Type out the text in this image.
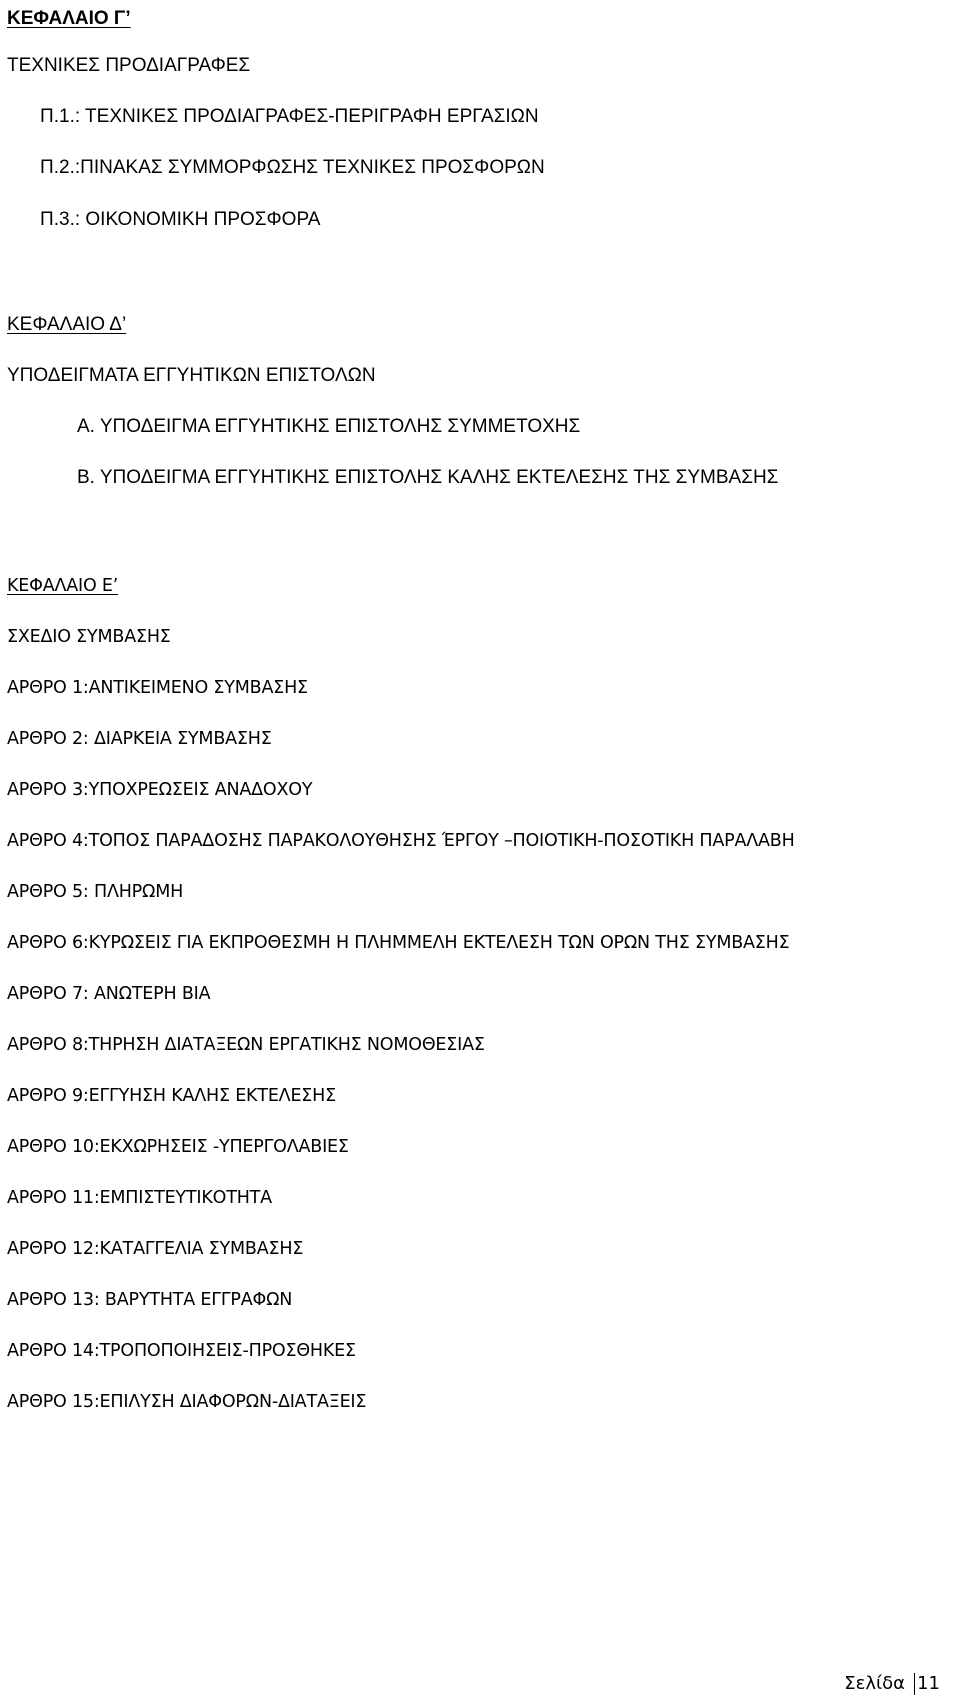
ΚΕΦΑΛΑΙΟ Γ’
ΤΕΧΝΙΚΕΣ ΠΡΟΔΙΑΓΡΑΦΕΣ
Π.1.: ΤΕΧΝΙΚΕΣ ΠΡΟΔΙΑΓΡΑΦΕΣ-ΠΕΡΙΓΡΑΦΗ ΕΡΓΑΣΙΩΝ
Π.2.:ΠΙΝΑΚΑΣ ΣΥΜΜΟΡΦΩΣΗΣ ΤΕΧΝΙΚΕΣ ΠΡΟΣΦΟΡΩΝ
Π.3.: ΟΙΚΟΝΟΜΙΚΗ ΠΡΟΣΦΟΡΑ
ΚΕΦΑΛΑΙΟ Δ’
ΥΠΟΔΕΙΓΜΑΤΑ ΕΓΓΥΗΤΙΚΩΝ ΕΠΙΣΤΟΛΩΝ
Α. ΥΠΟΔΕΙΓΜΑ ΕΓΓΥΗΤΙΚΗΣ ΕΠΙΣΤΟΛΗΣ ΣΥΜΜΕΤΟΧΗΣ
Β. ΥΠΟΔΕΙΓΜΑ ΕΓΓΥΗΤΙΚΗΣ ΕΠΙΣΤΟΛΗΣ ΚΑΛΗΣ ΕΚΤΕΛΕΣΗΣ ΤΗΣ ΣΥΜΒΑΣΗΣ
ΚΕΦΑΛΑΙΟ Ε’
ΣΧΕΔΙΟ ΣΥΜΒΑΣΗΣ
ΑΡΘΡΟ 1:ΑΝΤΙΚΕΙΜΕΝΟ ΣΥΜΒΑΣΗΣ
ΑΡΘΡΟ 2: ΔΙΑΡΚΕΙΑ ΣΥΜΒΑΣΗΣ
ΑΡΘΡΟ 3:ΥΠΟΧΡΕΩΣΕΙΣ ΑΝΑΔΟΧΟΥ
ΑΡΘΡΟ 4:ΤΟΠΟΣ ΠΑΡΑΔΟΣΗΣ ΠΑΡΑΚΟΛΟΥΘΗΣΗΣ ΈΡΓΟΥ –ΠΟΙΟΤΙΚΗ-ΠΟΣΟΤΙΚΗ ΠΑΡΑΛΑΒΗ
ΑΡΘΡΟ 5: ΠΛΗΡΩΜΗ
ΑΡΘΡΟ 6:ΚΥΡΩΣΕΙΣ ΓΙΑ ΕΚΠΡΟΘΕΣΜΗ Η ΠΛΗΜΜΕΛΗ ΕΚΤΕΛΕΣΗ ΤΩΝ ΟΡΩΝ ΤΗΣ ΣΥΜΒΑΣΗΣ
ΑΡΘΡΟ 7: ΑΝΩΤΕΡΗ ΒΙΑ
ΑΡΘΡΟ 8:ΤΗΡΗΣΗ ΔΙΑΤΑΞΕΩΝ ΕΡΓΑΤΙΚΗΣ ΝΟΜΟΘΕΣΙΑΣ
ΑΡΘΡΟ 9:ΕΓΓΥΗΣΗ ΚΑΛΗΣ ΕΚΤΕΛΕΣΗΣ
ΑΡΘΡΟ 10:ΕΚΧΩΡΗΣΕΙΣ -ΥΠΕΡΓΟΛΑΒΙΕΣ
ΑΡΘΡΟ 11:ΕΜΠΙΣΤΕΥΤΙΚΟΤΗΤΑ
ΑΡΘΡΟ 12:ΚΑΤΑΓΓΕΛΙΑ ΣΥΜΒΑΣΗΣ
ΑΡΘΡΟ 13: ΒΑΡΥΤΗΤΑ ΕΓΓΡΑΦΩΝ
ΑΡΘΡΟ 14:ΤΡΟΠΟΠΟΙΗΣΕΙΣ-ΠΡΟΣΘΗΚΕΣ
ΑΡΘΡΟ 15:ΕΠΙΛΥΣΗ ΔΙΑΦΟΡΩΝ-ΔΙΑΤΑΞΕΙΣ
Σελίδα 11
